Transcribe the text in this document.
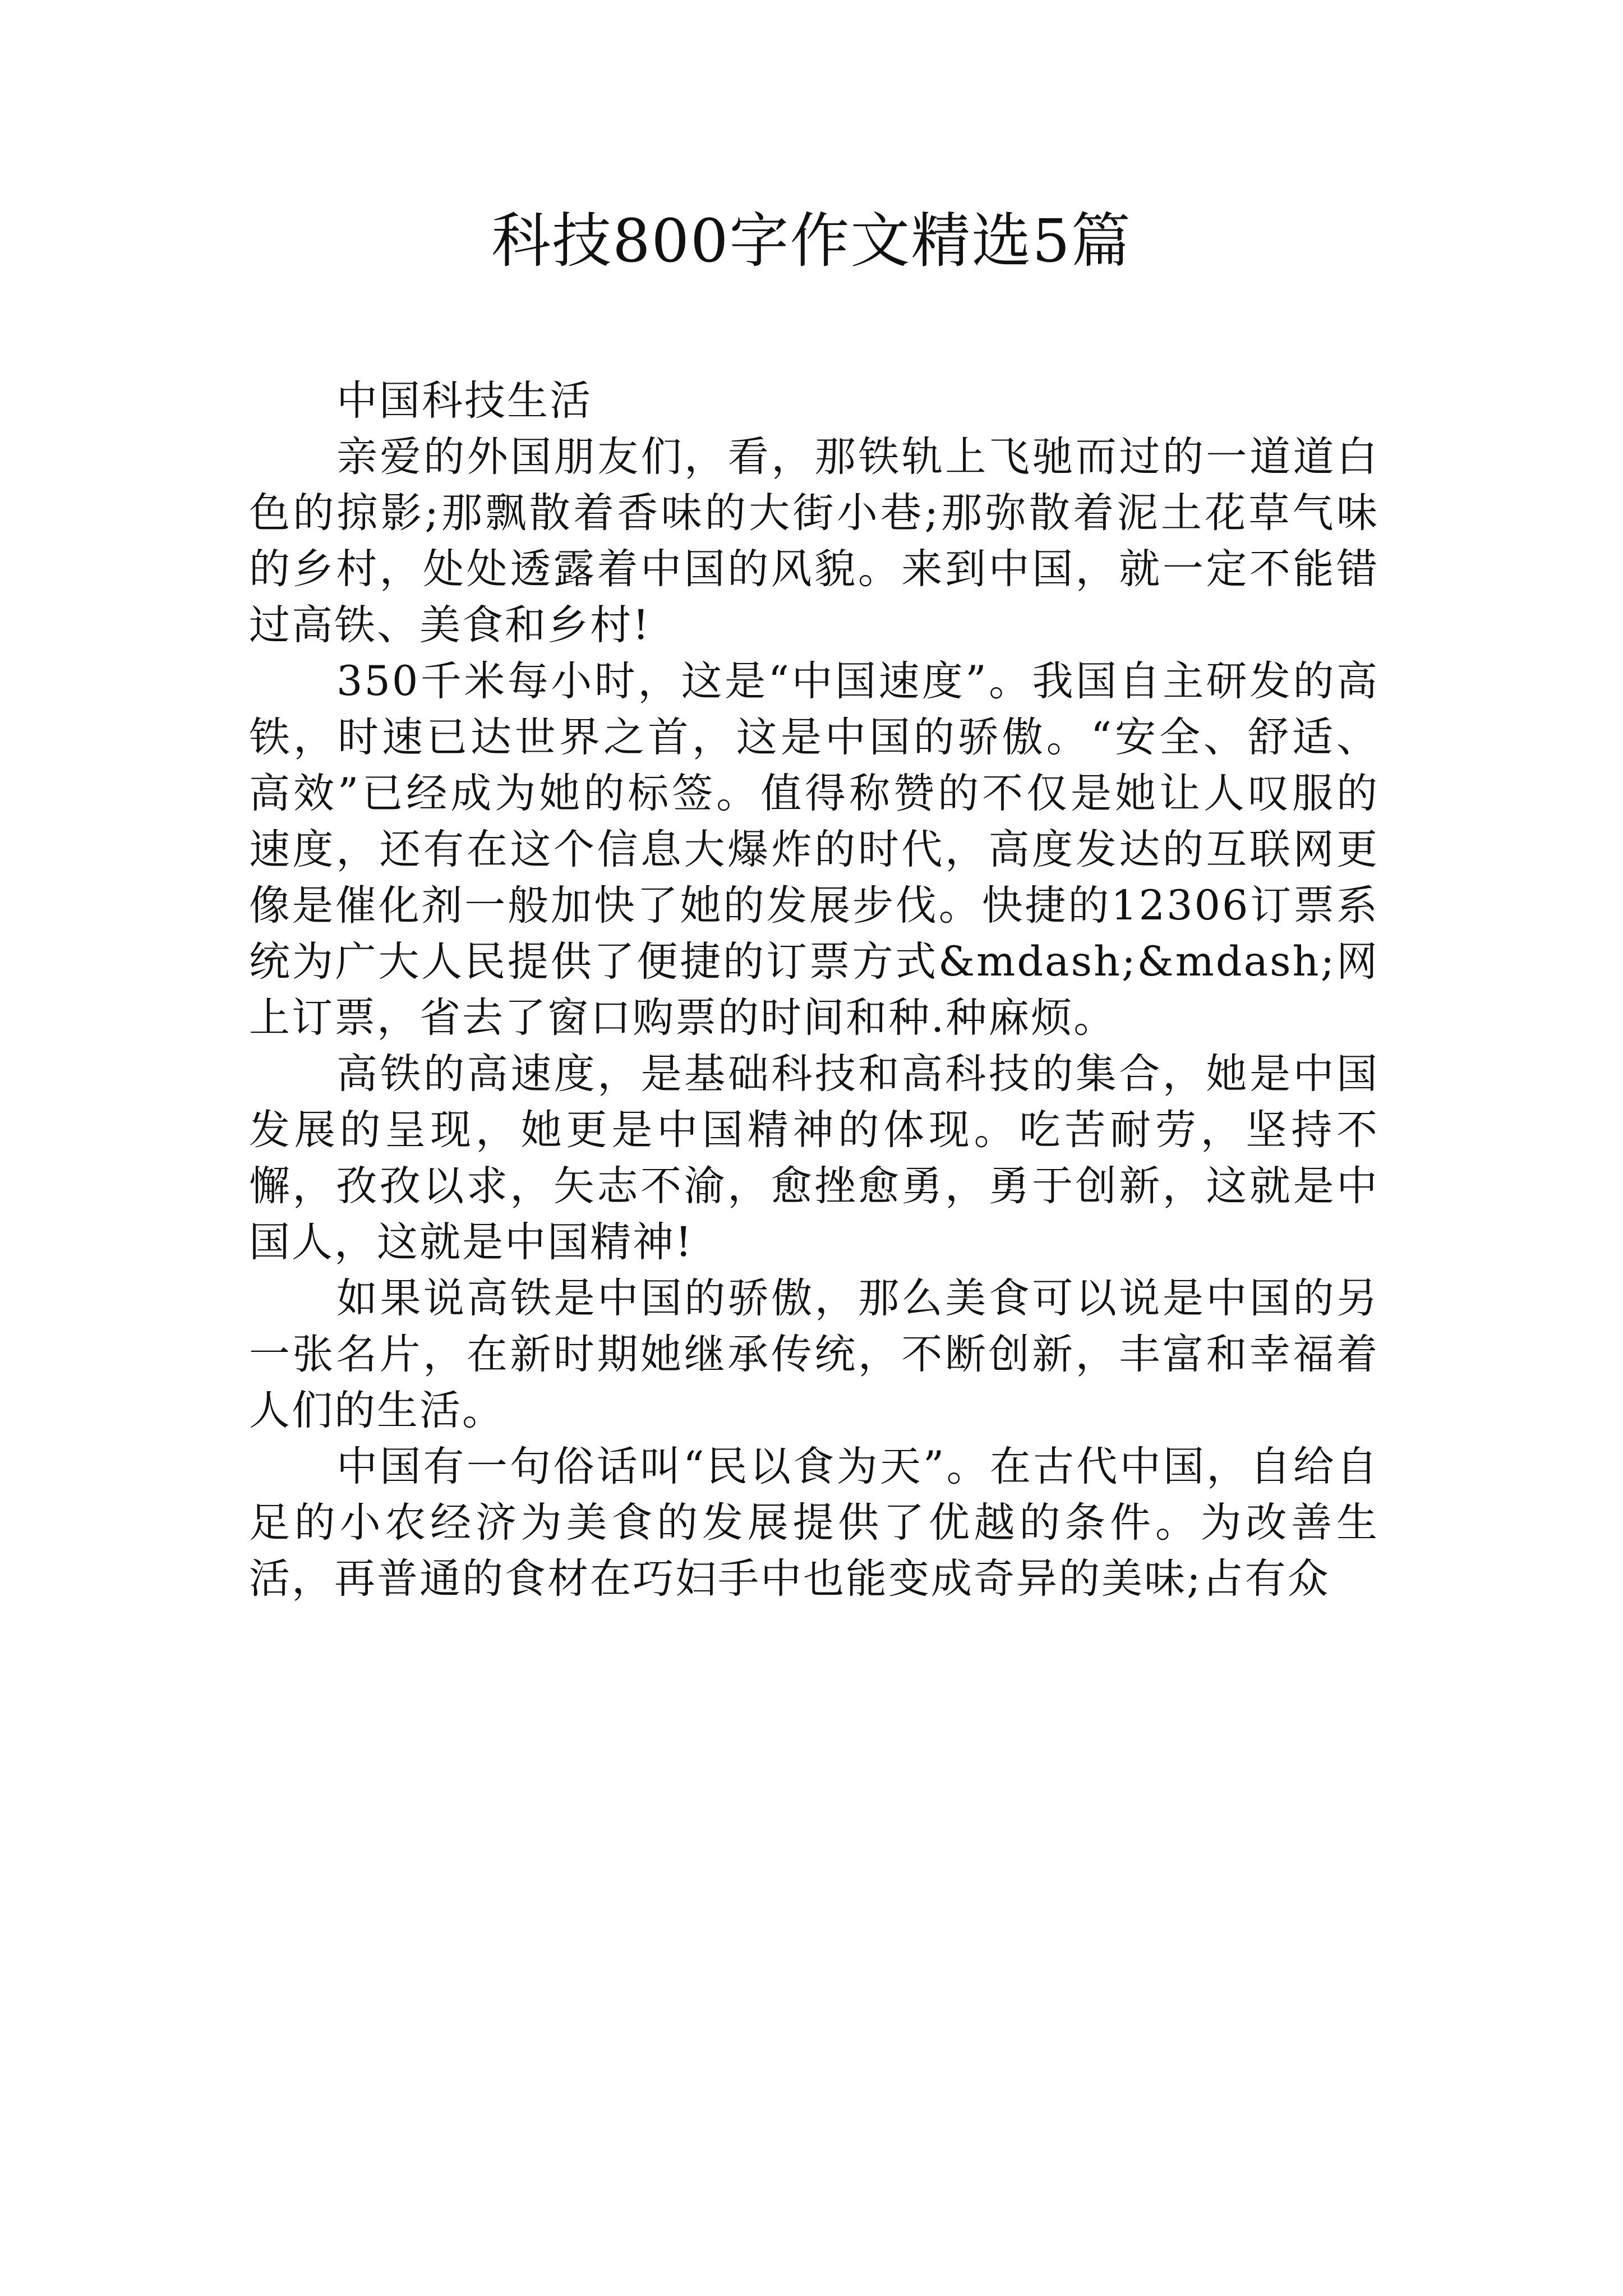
科技800字作文精选5篇

中国科技生活

亲爱的外国朋友们，看，那铁轨上飞驰而过的一道道白色的掠影;那飘散着香味的大街小巷;那弥散着泥土花草气味的乡村，处处透露着中国的风貌。来到中国，就一定不能错过高铁、美食和乡村!

350千米每小时，这是“中国速度”。我国自主研发的高铁，时速已达世界之首，这是中国的骄傲。“安全、舒适、高效”已经成为她的标签。值得称赞的不仅是她让人叹服的速度，还有在这个信息大爆炸的时代，高度发达的互联网更像是催化剂一般加快了她的发展步伐。快捷的12306订票系统为广大人民提供了便捷的订票方式&mdash;&mdash;网上订票，省去了窗口购票的时间和种.种麻烦。

高铁的高速度，是基础科技和高科技的集合，她是中国发展的呈现，她更是中国精神的体现。吃苦耐劳，坚持不懈，孜孜以求，矢志不渝，愈挫愈勇，勇于创新，这就是中国人，这就是中国精神!

如果说高铁是中国的骄傲，那么美食可以说是中国的另一张名片，在新时期她继承传统，不断创新，丰富和幸福着人们的生活。

中国有一句俗话叫“民以食为天”。在古代中国，自给自足的小农经济为美食的发展提供了优越的条件。为改善生活，再普通的食材在巧妇手中也能变成奇异的美味;占有众
